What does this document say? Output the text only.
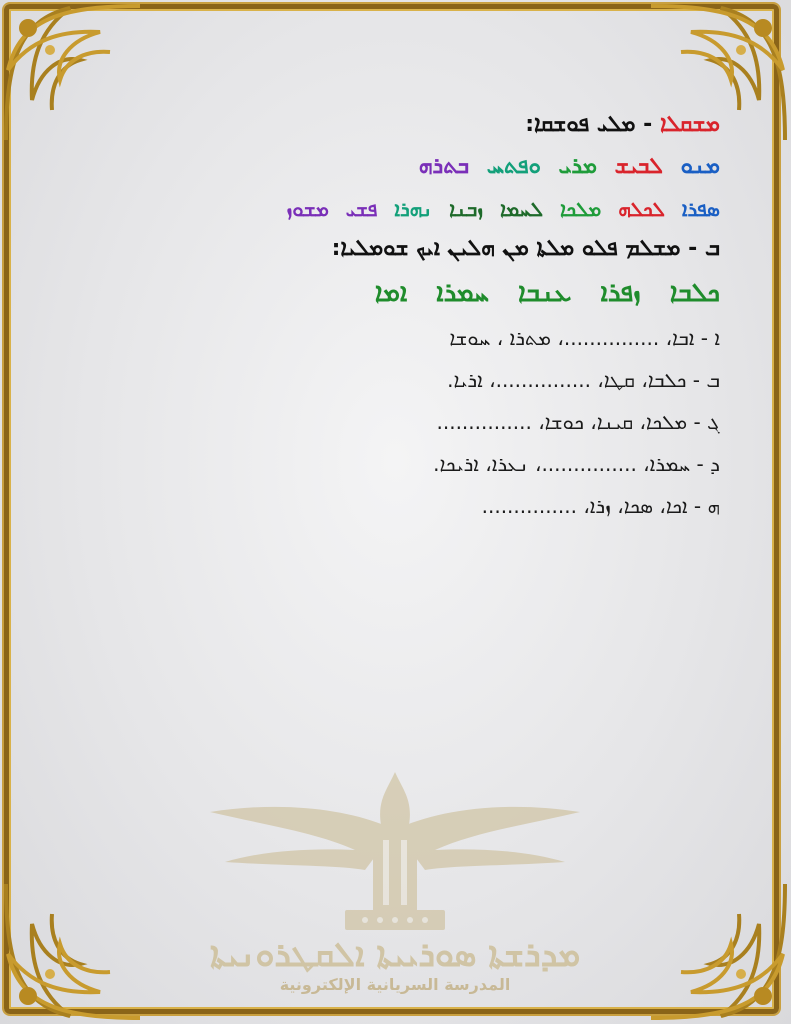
ܡܫܩܠܐ - ܡܠܝ ܦܘܫܩܐ:

ܡܢܘ ܠܒܝܫ ܡܪܝ ܘܦܬܚ ܒܬܪܗ

ܣܦܪܐ ܠܟܠܗ ܡܠܟܐ ܠܚܡܐ ܙܒܢܐ ܢܗܪܐ ܦܫܝ ܡܫܘܙ

ܒ - ܡܫܠܡ ܦܠܘ ܡܠܬܐ ܡܢ ܗܠܝܢ ܐܝܟ ܫܘܡܠܝܐ:

ܟܠܒܐ ܙܦܪܐ ܥܢܒܐ ܚܡܪܐ ܐܡܐ

ܐ - ܐܒܐ، ...............، ܡܬܪܐ ، ܚܘܫܐ

ܒ - ܟܠܒܐ، ܩܛܐ، ...............، ܐܪܝܐ.

ܓ - ܡܠܟܐ، ܩܝܢܐ، ܟܘܫܐ، ...............

ܕ - ܚܡܪܐ، ...............، ܢܥܪܐ، ܐܪܝܟܐ.

ܗ - ܐܟܐ، ܣܟܐ، ܙܪܐ، ...............

ܡܕܪܫܬܐ ܣܘܪܝܝܬܐ ܐܠܩܛܪܘܢܝܬܐ
المدرسة السريانية الإلكترونية
